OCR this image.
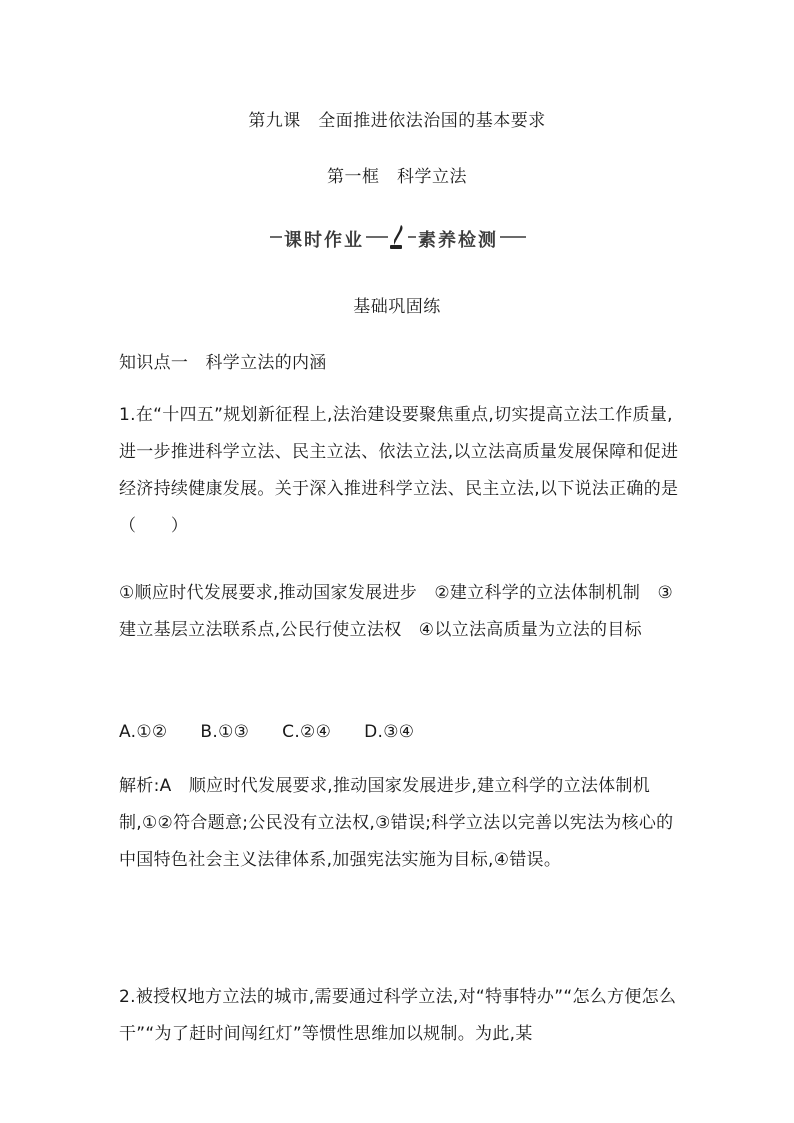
第九课　全面推进依法治国的基本要求
第一框　科学立法
课时作业	素养检测
基础巩固练

知识点一　科学立法的内涵

1.在“十四五”规划新征程上,法治建设要聚焦重点,切实提高立法工作质量,进一步推进科学立法、民主立法、依法立法,以立法高质量发展保障和促进经济持续健康发展。关于深入推进科学立法、民主立法,以下说法正确的是（　　）

①顺应时代发展要求,推动国家发展进步　②建立科学的立法体制机制　③建立基层立法联系点,公民行使立法权　④以立法高质量为立法的目标

A.①②　 B.①③　 C.②④　 D.③④

解析:A　顺应时代发展要求,推动国家发展进步,建立科学的立法体制机制,①②符合题意;公民没有立法权,③错误;科学立法以完善以宪法为核心的中国特色社会主义法律体系,加强宪法实施为目标,④错误。

2.被授权地方立法的城市,需要通过科学立法,对“特事特办”“怎么方便怎么干”“为了赶时间闯红灯”等惯性思维加以规制。为此,某
